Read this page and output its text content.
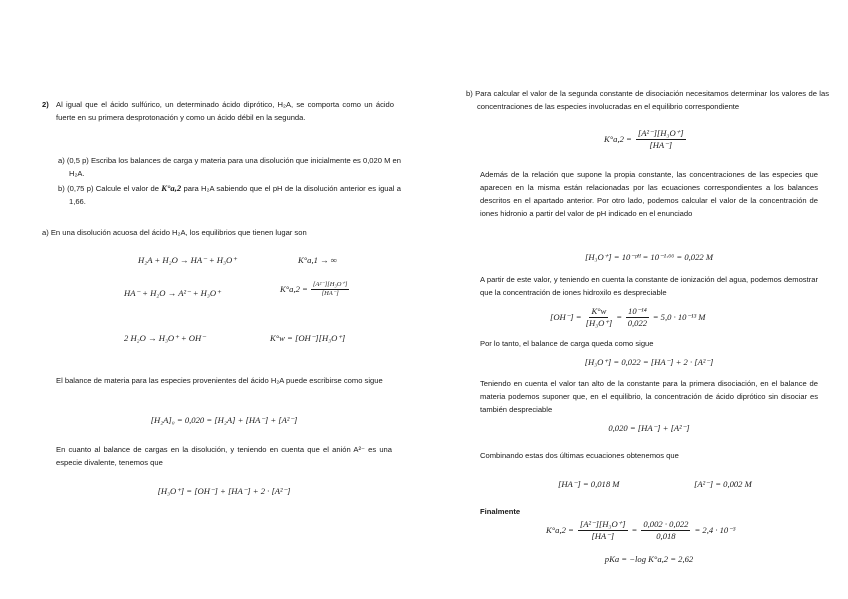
2) Al igual que el ácido sulfúrico, un determinado ácido diprótico, H₂A, se comporta como un ácido fuerte en su primera desprotonación y como un ácido débil en la segunda.
a) (0,5 p) Escriba los balances de carga y materia para una disolución que inicialmente es 0,020 M en H₂A.
b) (0,75 p) Calcule el valor de K°a,2 para H₂A sabiendo que el pH de la disolución anterior es igual a 1,66.
a) En una disolución acuosa del ácido H₂A, los equilibrios que tienen lugar son
H₂A + H₂O → HA⁻ + H₃O⁺	K°a,1 → ∞
HA⁻ + H₂O → A²⁻ + H₃O⁺	$K^\circ a,2 = \frac{\text{[A²⁻][H₃O⁺]}}{[HA^-]}$
2 H₂O → H₃O⁺ + OH⁻	K°w = [OH⁻][H₃O⁺]
El balance de materia para las especies provenientes del ácido H₂A puede escribirse como sigue
[H₂A]₀ = 0,020 = [H₂A] + [HA⁻] + [A²⁻]
En cuanto al balance de cargas en la disolución, y teniendo en cuenta que el anión A²⁻ es una especie divalente, tenemos que
[H₃O⁺] = [OH⁻] + [HA⁻] + 2 · [A²⁻]
b) Para calcular el valor de la segunda constante de disociación necesitamos determinar los valores de las concentraciones de las especies involucradas en el equilibrio correspondiente
$K^\circ a,2 = \frac{\text{[A²⁻][H₃O⁺]}}{[HA^-]}$
Además de la relación que supone la propia constante, las concentraciones de las especies que aparecen en la misma están relacionadas por las ecuaciones correspondientes a los balances descritos en el apartado anterior. Por otro lado, podemos calcular el valor de la concentración de iones hidronio a partir del valor de pH indicado en el enunciado
[H₃O⁺] = 10⁻ᵖᴴ = 10⁻¹·⁶⁶ = 0,022 M
A partir de este valor, y teniendo en cuenta la constante de ionización del agua, podemos demostrar que la concentración de iones hidroxilo es despreciable
$[OH^-] = \frac{K^\circ w}{\text{[H₃O⁺]}} = \frac{\text{10⁻¹⁴}}{0,022} = 5,0 \cdot 10^{-13}$ M
Por lo tanto, el balance de carga queda como sigue
[H₃O⁺] = 0,022 = [HA⁻] + 2 · [A²⁻]
Teniendo en cuenta el valor tan alto de la constante para la primera disociación, en el balance de materia podemos suponer que, en el equilibrio, la concentración de ácido diprótico sin disociar es también despreciable
0,020 = [HA⁻] + [A²⁻]
Combinando estas dos últimas ecuaciones obtenemos que
[HA⁻] = 0,018 M	[A²⁻] = 0,002 M
Finalmente
$K^\circ a,2 = \frac{\text{[A²⁻][H₃O⁺]}}{[HA^-]} = \frac{0,002 \cdot 0,022}{0,018} = 2,4 \cdot 10^{-3}$
pKa = −log K°a,2 = 2,62
